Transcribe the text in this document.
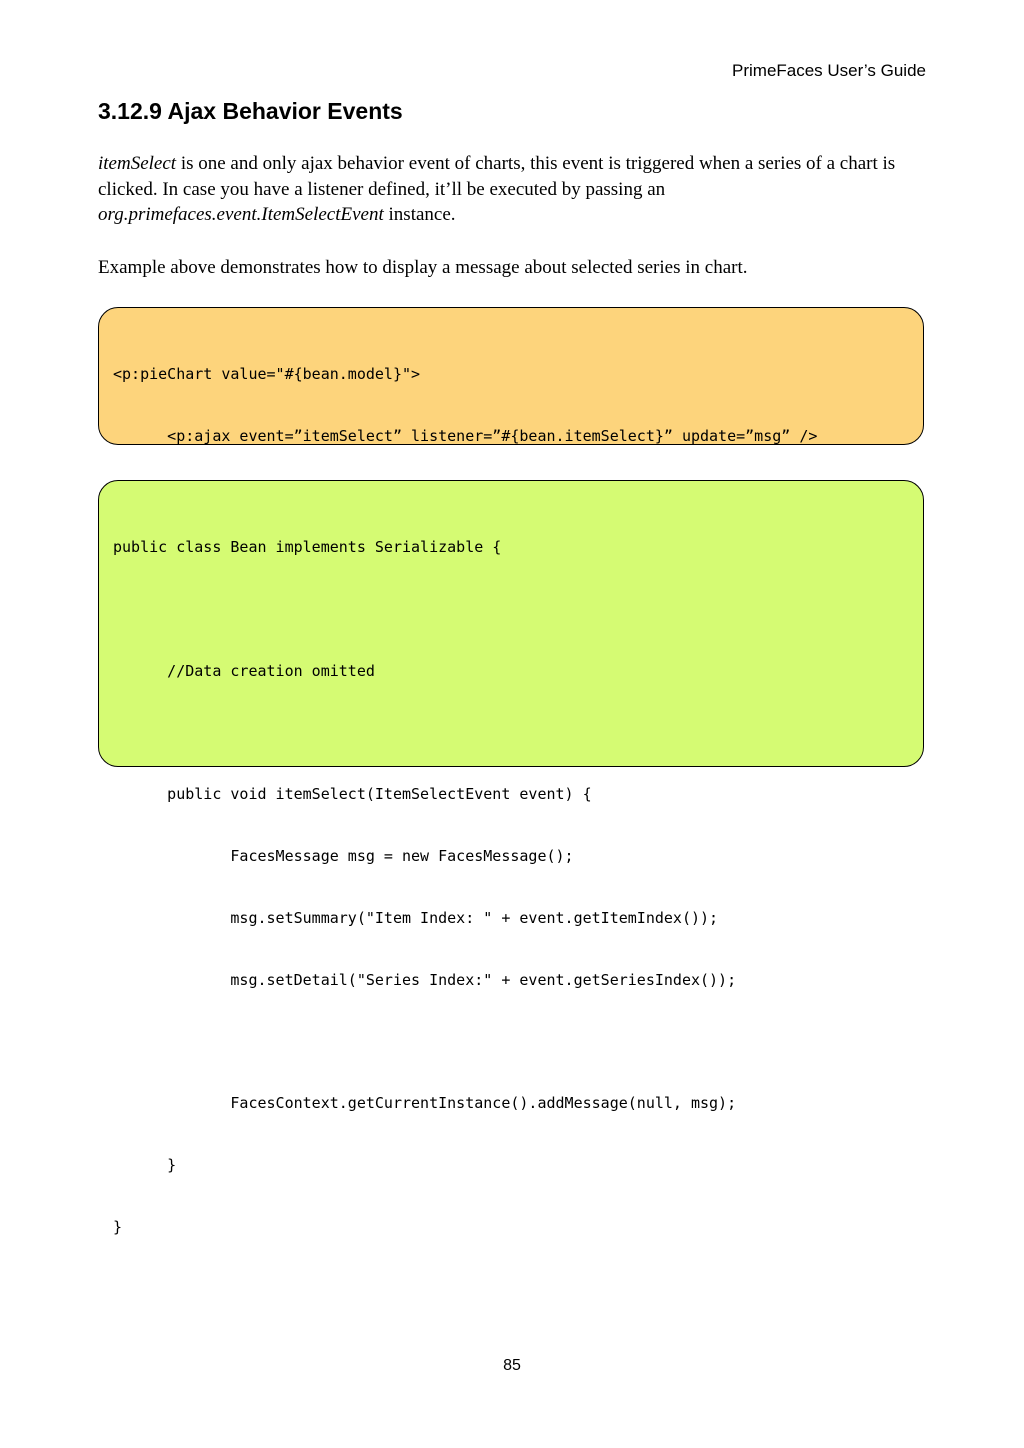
PrimeFaces User’s Guide
3.12.9 Ajax Behavior Events

itemSelect is one and only ajax behavior event of charts, this event is triggered when a series of a chart is clicked. In case you have a listener defined, it’ll be executed by passing an org.primefaces.event.ItemSelectEvent instance.

Example above demonstrates how to display a message about selected series in chart.

<p:pieChart value="#{bean.model}">

<p:ajax event=”itemSelect” listener=”#{bean.itemSelect}” update=”msg” />

public class Bean implements Serializable {

//Data creation omitted

public void itemSelect(ItemSelectEvent event) {

FacesMessage msg = new FacesMessage();

msg.setSummary("Item Index: " + event.getItemIndex());

msg.setDetail("Series Index:" + event.getSeriesIndex());

FacesContext.getCurrentInstance().addMessage(null, msg);

}

}

85
